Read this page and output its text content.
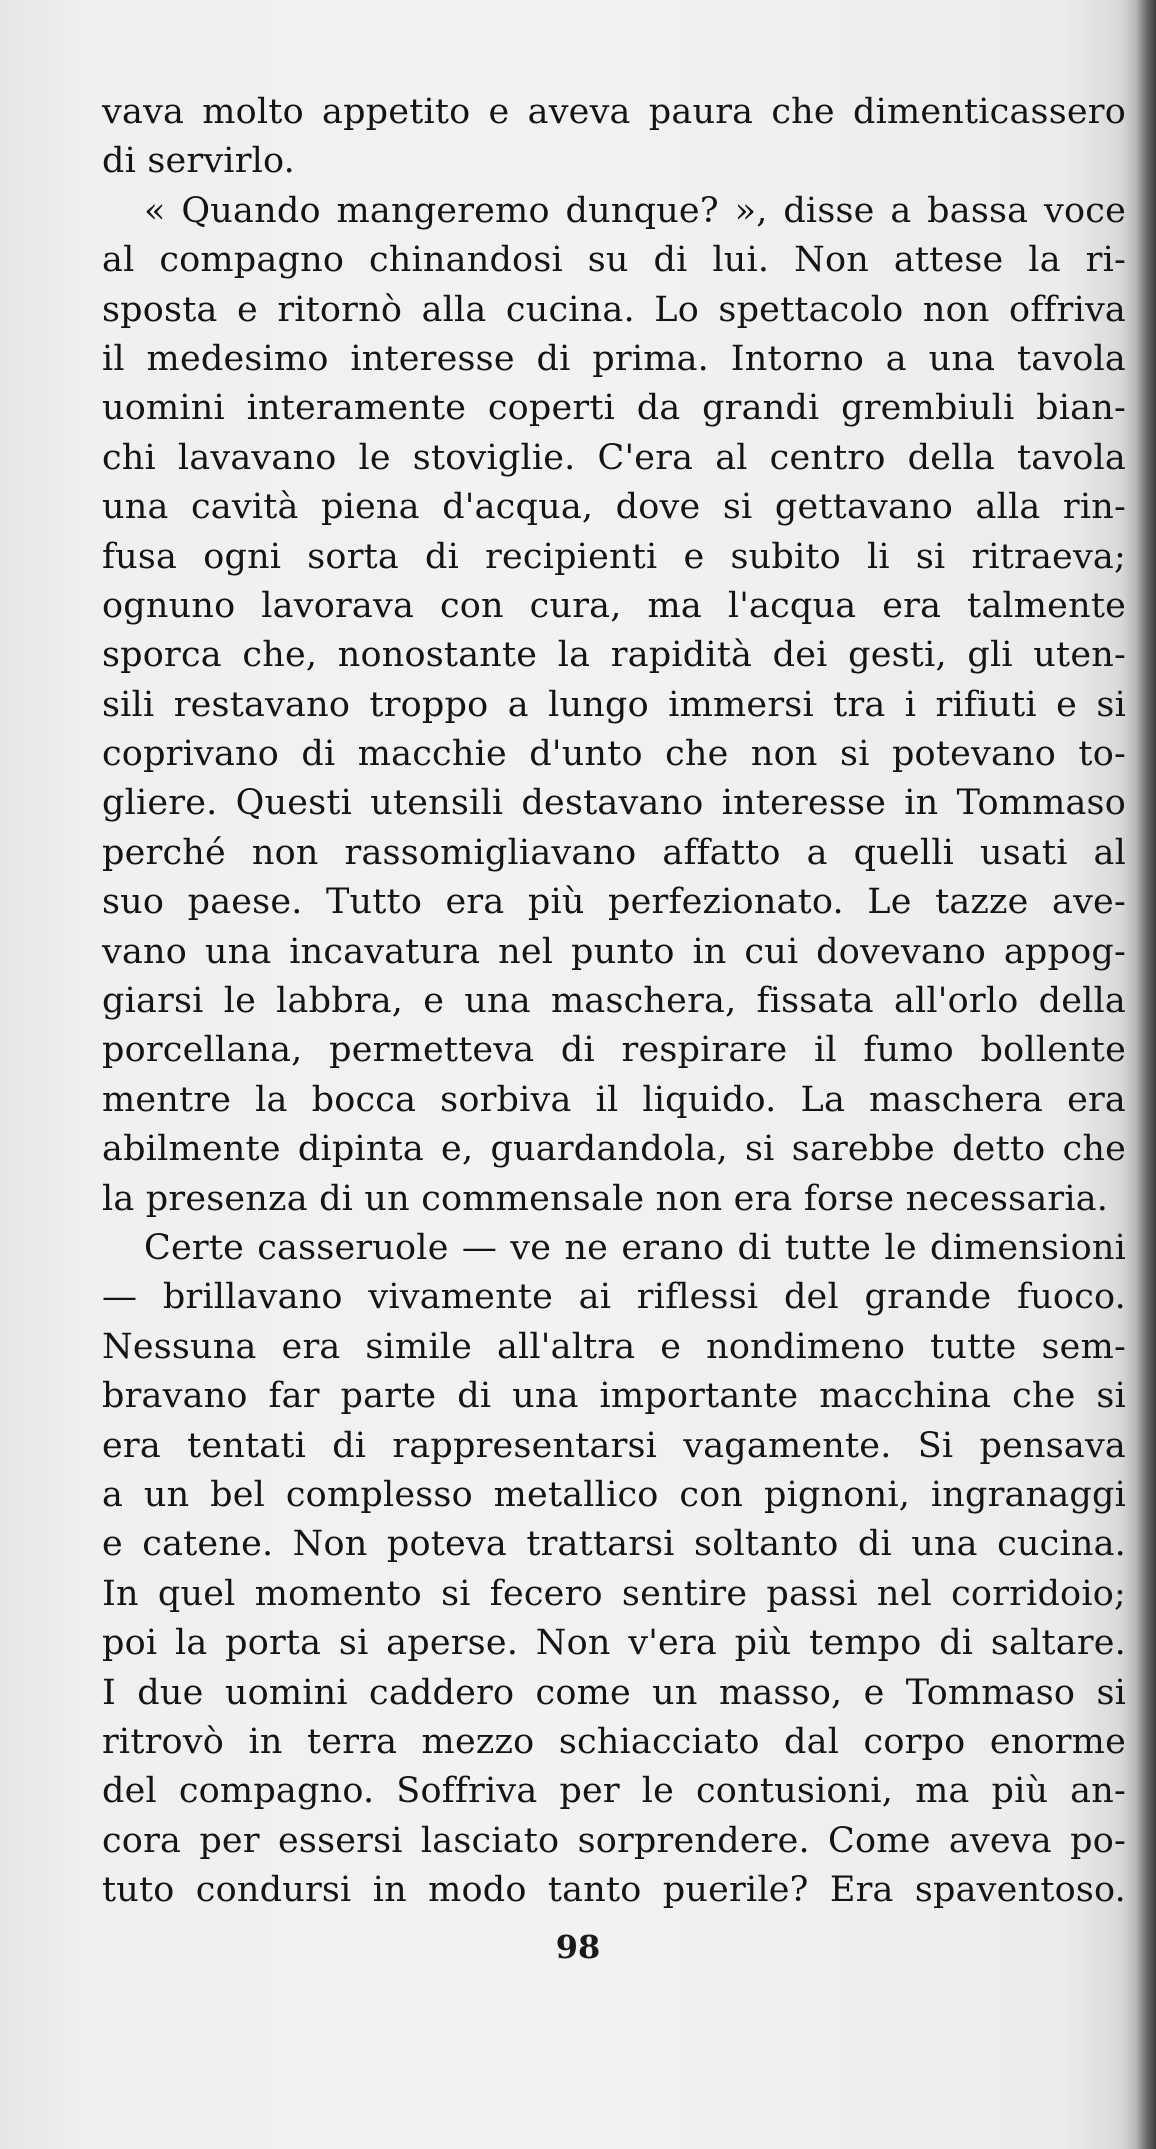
vava molto appetito e aveva paura che dimenticassero
di servirlo.
« Quando mangeremo dunque? », disse a bassa voce
al compagno chinandosi su di lui. Non attese la ri-
sposta e ritornò alla cucina. Lo spettacolo non offriva
il medesimo interesse di prima. Intorno a una tavola
uomini interamente coperti da grandi grembiuli bian-
chi lavavano le stoviglie. C'era al centro della tavola
una cavità piena d'acqua, dove si gettavano alla rin-
fusa ogni sorta di recipienti e subito li si ritraeva;
ognuno lavorava con cura, ma l'acqua era talmente
sporca che, nonostante la rapidità dei gesti, gli uten-
sili restavano troppo a lungo immersi tra i rifiuti e si
coprivano di macchie d'unto che non si potevano to-
gliere. Questi utensili destavano interesse in Tommaso
perché non rassomigliavano affatto a quelli usati al
suo paese. Tutto era più perfezionato. Le tazze ave-
vano una incavatura nel punto in cui dovevano appog-
giarsi le labbra, e una maschera, fissata all'orlo della
porcellana, permetteva di respirare il fumo bollente
mentre la bocca sorbiva il liquido. La maschera era
abilmente dipinta e, guardandola, si sarebbe detto che
la presenza di un commensale non era forse necessaria.
Certe casseruole — ve ne erano di tutte le dimensioni
— brillavano vivamente ai riflessi del grande fuoco.
Nessuna era simile all'altra e nondimeno tutte sem-
bravano far parte di una importante macchina che si
era tentati di rappresentarsi vagamente. Si pensava
a un bel complesso metallico con pignoni, ingranaggi
e catene. Non poteva trattarsi soltanto di una cucina.
In quel momento si fecero sentire passi nel corridoio;
poi la porta si aperse. Non v'era più tempo di saltare.
I due uomini caddero come un masso, e Tommaso si
ritrovò in terra mezzo schiacciato dal corpo enorme
del compagno. Soffriva per le contusioni, ma più an-
cora per essersi lasciato sorprendere. Come aveva po-
tuto condursi in modo tanto puerile? Era spaventoso.
98
